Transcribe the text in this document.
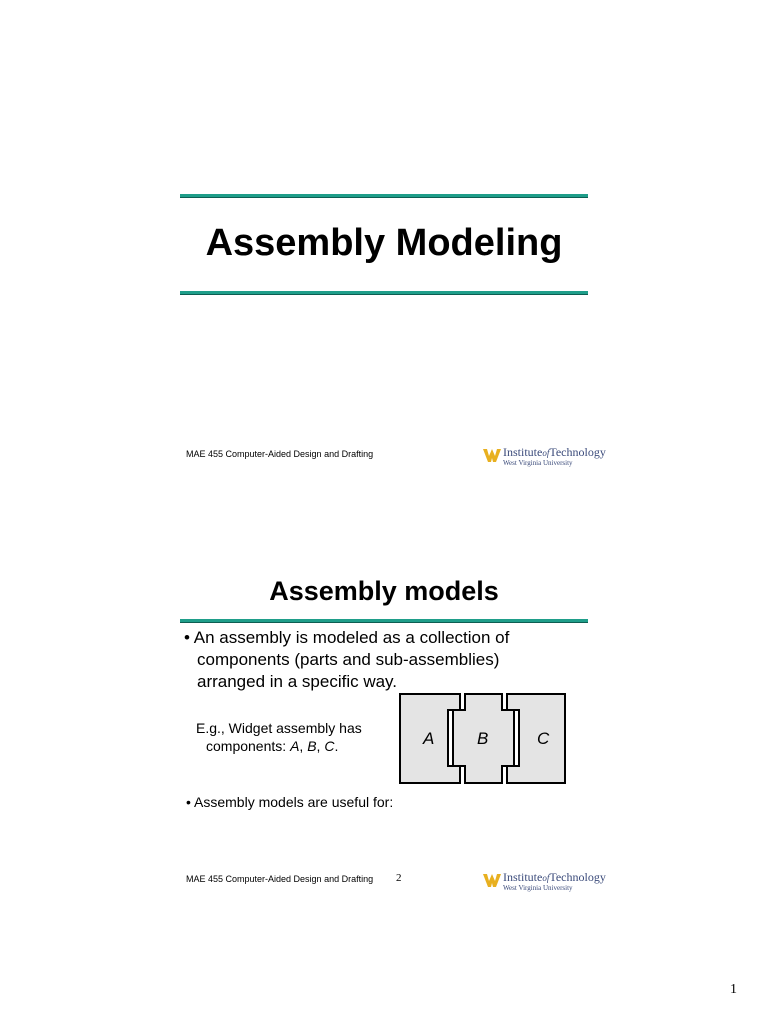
Assembly Modeling
MAE 455 Computer-Aided Design and Drafting	InstituteofTechnology
West Virginia University
Assembly models
• An assembly is modeled as a collection of
components (parts and sub-assemblies)
arranged in a specific way.
E.g., Widget assembly has
components: A, B, C.	A	B	C
• Assembly models are useful for:
MAE 455 Computer-Aided Design and Drafting 2	InstituteofTechnology
West Virginia University
1
